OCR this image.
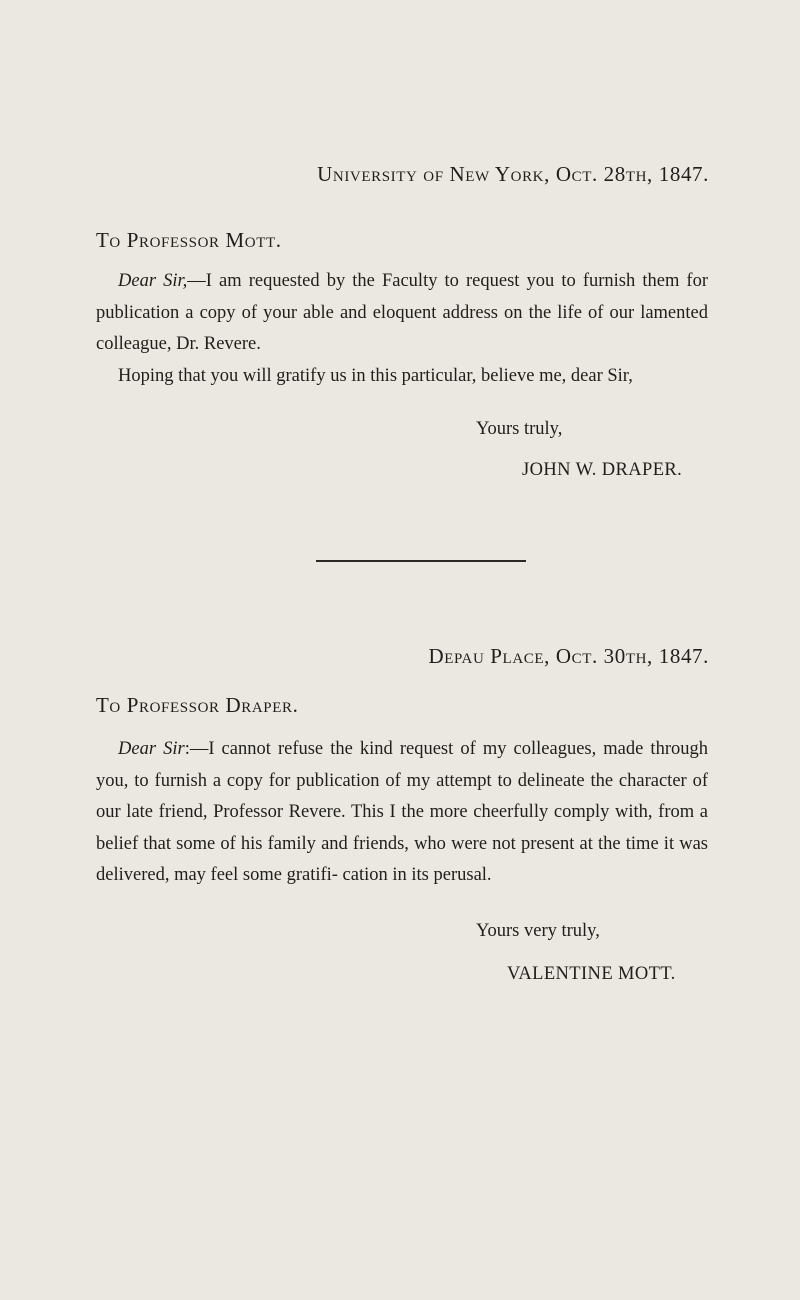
University of New York, Oct. 28th, 1847.
To Professor Mott.

Dear Sir,—I am requested by the Faculty to request you to furnish them for publication a copy of your able and eloquent address on the life of our lamented colleague, Dr. Revere.

Hoping that you will gratify us in this particular, believe me, dear Sir,

Yours truly,
JOHN W. DRAPER.
Depau Place, Oct. 30th, 1847.
To Professor Draper.

Dear Sir:—I cannot refuse the kind request of my colleagues, made through you, to furnish a copy for publication of my attempt to delineate the character of our late friend, Professor Revere. This I the more cheerfully comply with, from a belief that some of his family and friends, who were not present at the time it was delivered, may feel some gratifi- cation in its perusal.

Yours very truly,
VALENTINE MOTT.
